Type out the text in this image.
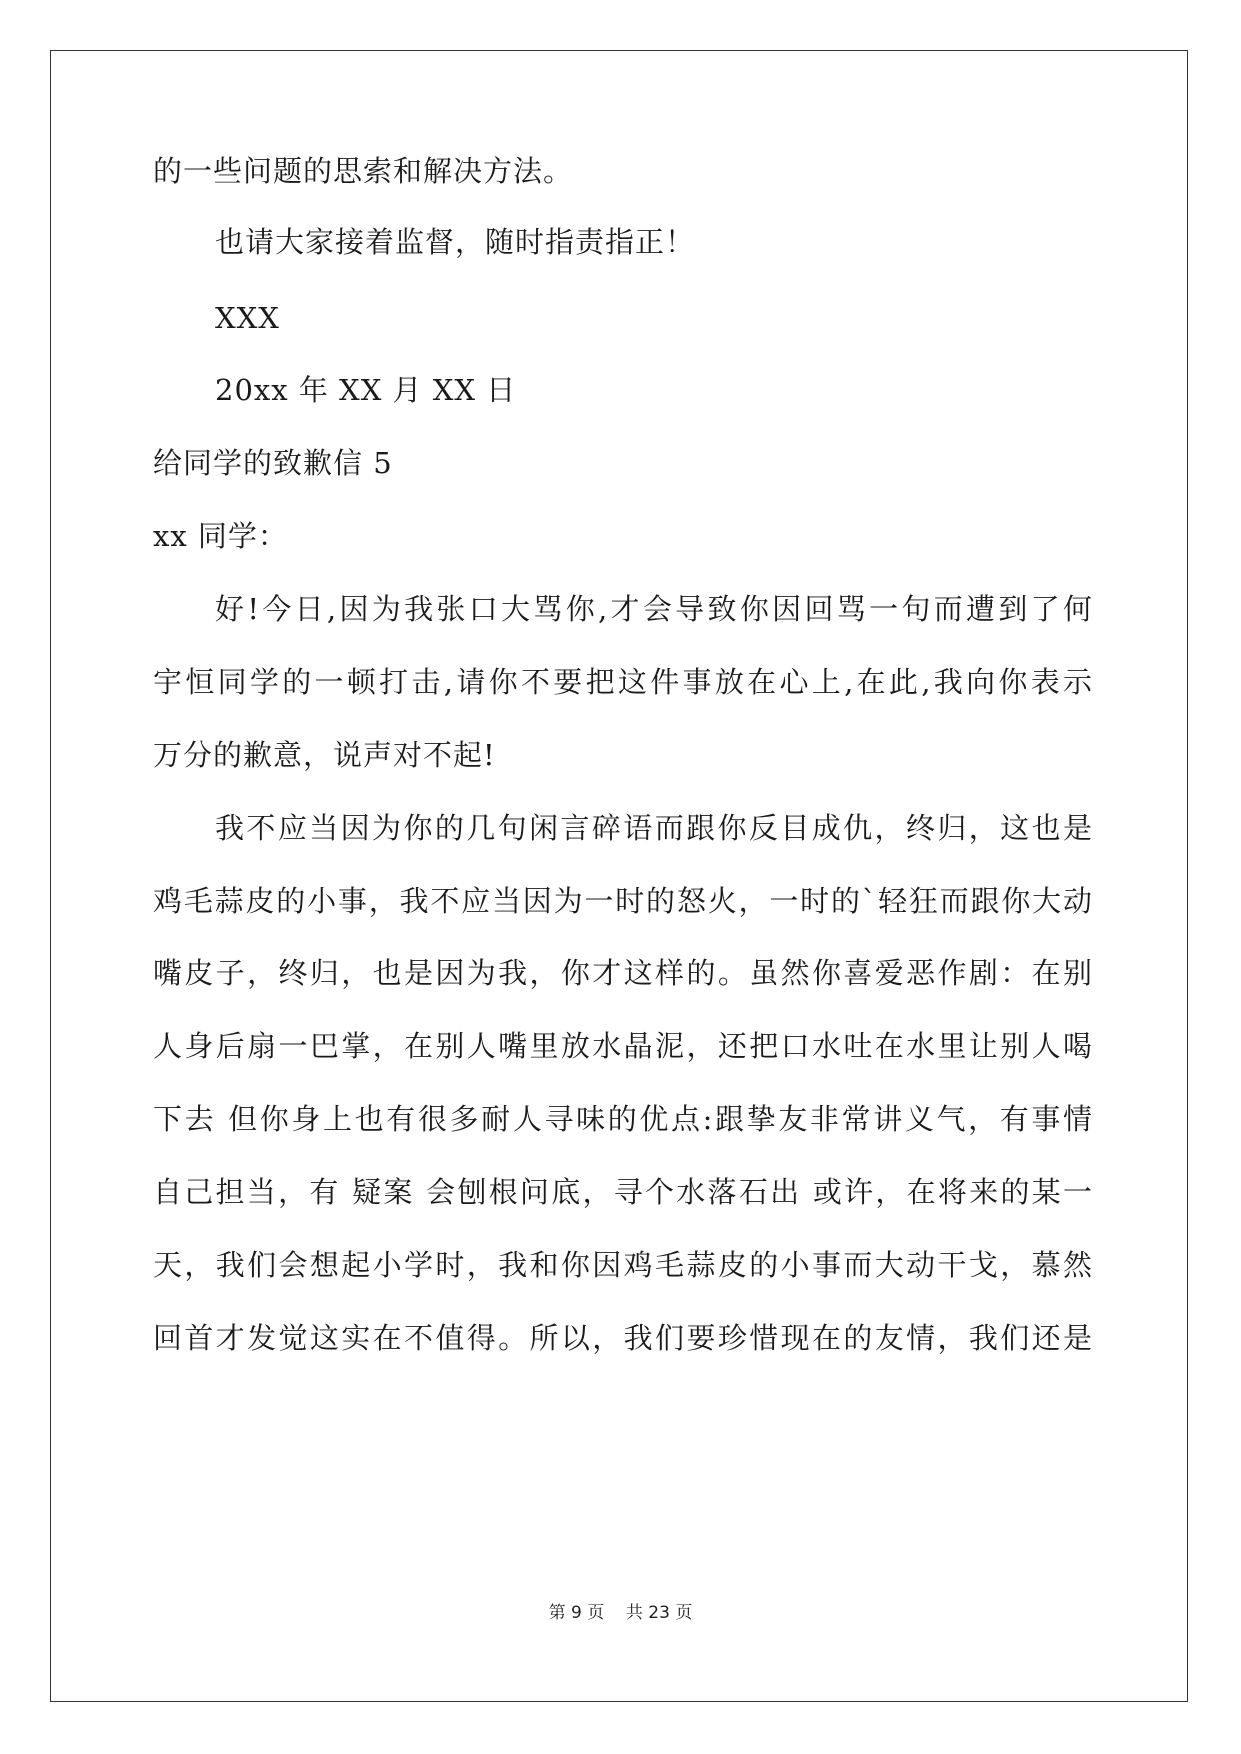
的一些问题的思索和解决方法。
也请大家接着监督，随时指责指正！
XXX
20xx 年 XX 月 XX 日
给同学的致歉信 5
xx 同学：
好!今日,因为我张口大骂你,才会导致你因回骂一句而遭到了何
宇恒同学的一顿打击,请你不要把这件事放在心上,在此,我向你表示
万分的歉意，说声对不起!
我不应当因为你的几句闲言碎语而跟你反目成仇，终归，这也是
鸡毛蒜皮的小事，我不应当因为一时的怒火，一时的`轻狂而跟你大动
嘴皮子，终归，也是因为我，你才这样的。虽然你喜爱恶作剧：在别
人身后扇一巴掌，在别人嘴里放水晶泥，还把口水吐在水里让别人喝
下去 但你身上也有很多耐人寻味的优点:跟挚友非常讲义气，有事情
自己担当，有 疑案 会刨根问底，寻个水落石出 或许，在将来的某一
天，我们会想起小学时，我和你因鸡毛蒜皮的小事而大动干戈，慕然
回首才发觉这实在不值得。所以，我们要珍惜现在的友情，我们还是
第 9 页    共 23 页
